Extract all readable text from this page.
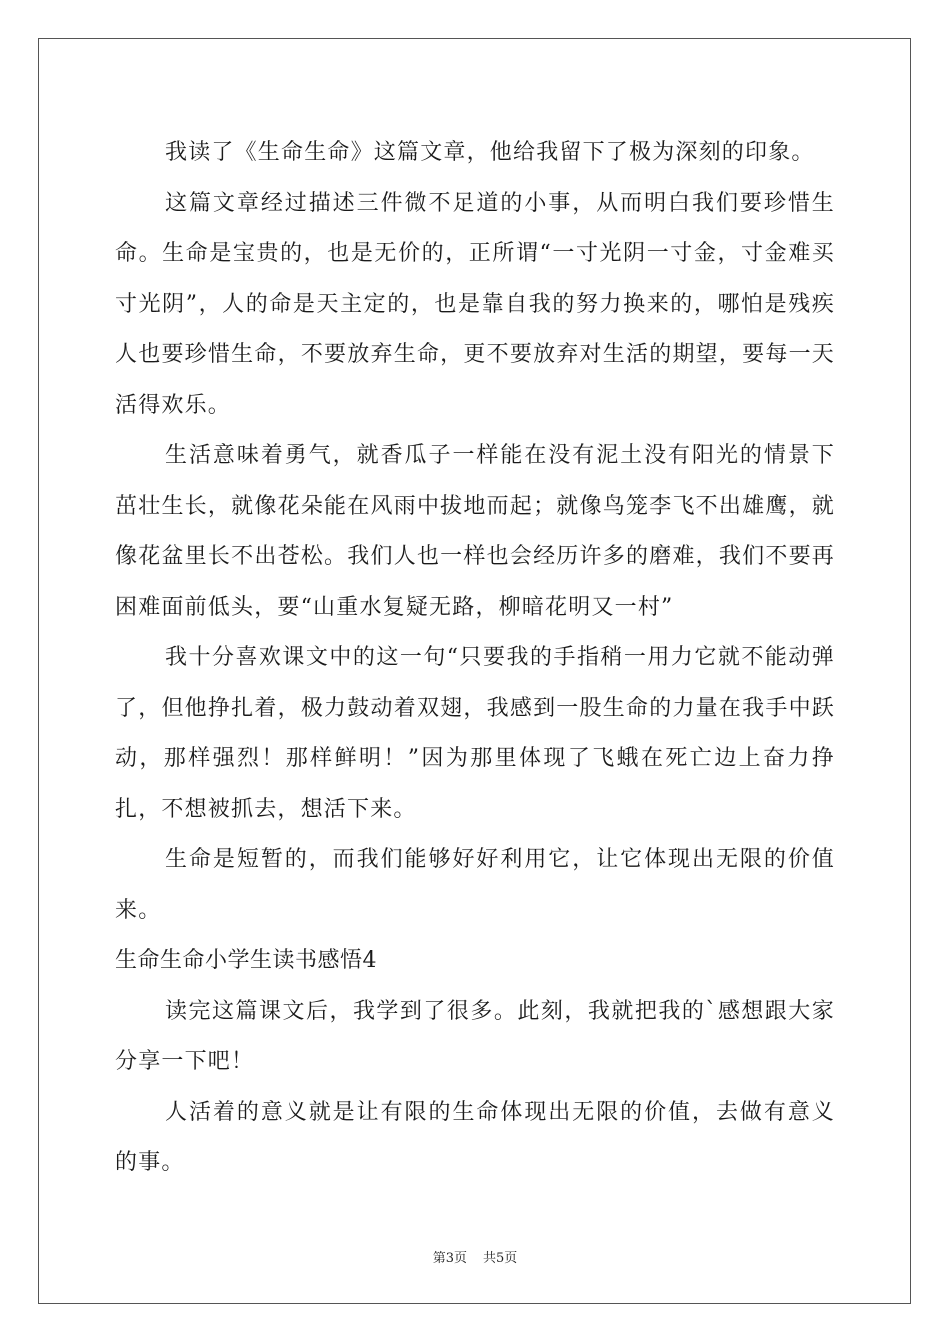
我读了《生命生命》这篇文章，他给我留下了极为深刻的印象。

这篇文章经过描述三件微不足道的小事，从而明白我们要珍惜生命。生命是宝贵的，也是无价的，正所谓“一寸光阴一寸金，寸金难买寸光阴”，人的命是天主定的，也是靠自我的努力换来的，哪怕是残疾人也要珍惜生命，不要放弃生命，更不要放弃对生活的期望，要每一天活得欢乐。

生活意味着勇气，就香瓜子一样能在没有泥土没有阳光的情景下茁壮生长，就像花朵能在风雨中拔地而起；就像鸟笼李飞不出雄鹰，就像花盆里长不出苍松。我们人也一样也会经历许多的磨难，我们不要再困难面前低头，要“山重水复疑无路，柳暗花明又一村”

我十分喜欢课文中的这一句“只要我的手指稍一用力它就不能动弹了，但他挣扎着，极力鼓动着双翅，我感到一股生命的力量在我手中跃动，那样强烈！那样鲜明！”因为那里体现了飞蛾在死亡边上奋力挣扎，不想被抓去，想活下来。

生命是短暂的，而我们能够好好利用它，让它体现出无限的价值来。

生命生命小学生读书感悟4

读完这篇课文后，我学到了很多。此刻，我就把我的`感想跟大家分享一下吧！

人活着的意义就是让有限的生命体现出无限的价值，去做有意义的事。

第3页 共5页
